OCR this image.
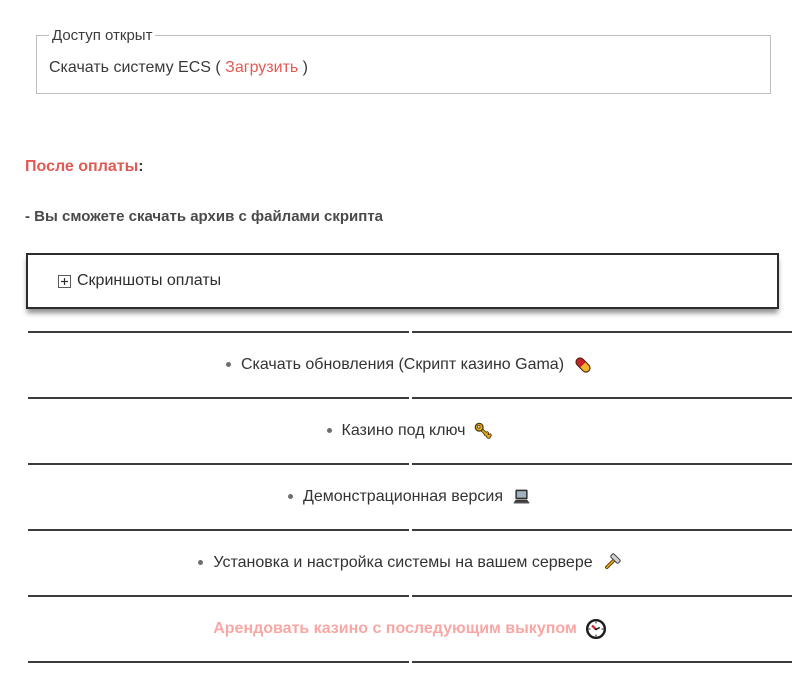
Доступ открыт
Скачать систему ECS ( Загрузить )
После оплаты:
- Вы сможете скачать архив с файлами скрипта
Скриншоты оплаты
Скачать обновления (Скрипт казино Gama)
Казино под ключ
Демонстрационная версия
Установка и настройка системы на вашем сервере
Арендовать казино с последующим выкупом
